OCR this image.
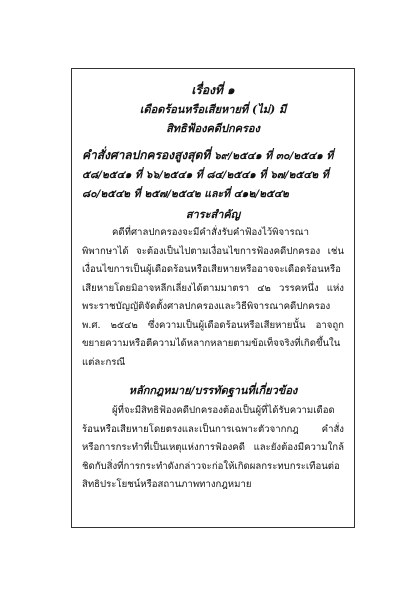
เรื่องที่ ๑
เดือดร้อนหรือเสียหายที่ (ไม่) มี
สิทธิฟ้องคดีปกครอง
คำสั่งศาลปกครองสูงสุดที่ ๖๙/๒๕๔๑ ที่ ๓๐/๒๕๔๑ ที่ ๕๘/๒๕๔๑ ที่ ๖๖/๒๕๔๑ ที่ ๘๔/๒๕๔๑ ที่ ๖๗/๒๕๔๒ ที่ ๘๐/๒๕๔๒ ที่ ๒๕๗/๒๕๔๒ และที่ ๔๑๒/๒๕๔๒
สาระสำคัญ

คดีที่ศาลปกครองจะมีคำสั่งรับคำฟ้องไว้พิจารณาพิพากษาได้ จะต้องเป็นไปตามเงื่อนไขการฟ้องคดีปกครอง เช่น เงื่อนไขการเป็นผู้เดือดร้อนหรือเสียหายหรืออาจจะเดือดร้อนหรือเสียหายโดยมิอาจหลีกเลี่ยงได้ตามมาตรา ๔๒ วรรคหนึ่ง แห่งพระราชบัญญัติจัดตั้งศาลปกครองและวิธีพิจารณาคดีปกครอง พ.ศ. ๒๕๔๒ ซึ่งความเป็นผู้เดือดร้อนหรือเสียหายนั้น อาจถูกขยายความหรือตีความได้หลากหลายตามข้อเท็จจริงที่เกิดขึ้นในแต่ละกรณี

หลักกฎหมาย/บรรทัดฐานที่เกี่ยวข้อง

ผู้ที่จะมีสิทธิฟ้องคดีปกครองต้องเป็นผู้ที่ได้รับความเดือดร้อนหรือเสียหายโดยตรงและเป็นการเฉพาะตัวจากกฎ คำสั่ง หรือการกระทำที่เป็นเหตุแห่งการฟ้องคดี และยังต้องมีความใกล้ชิดกับสิ่งที่การกระทำดังกล่าวจะก่อให้เกิดผลกระทบกระเทือนต่อสิทธิประโยชน์หรือสถานภาพทางกฎหมาย
